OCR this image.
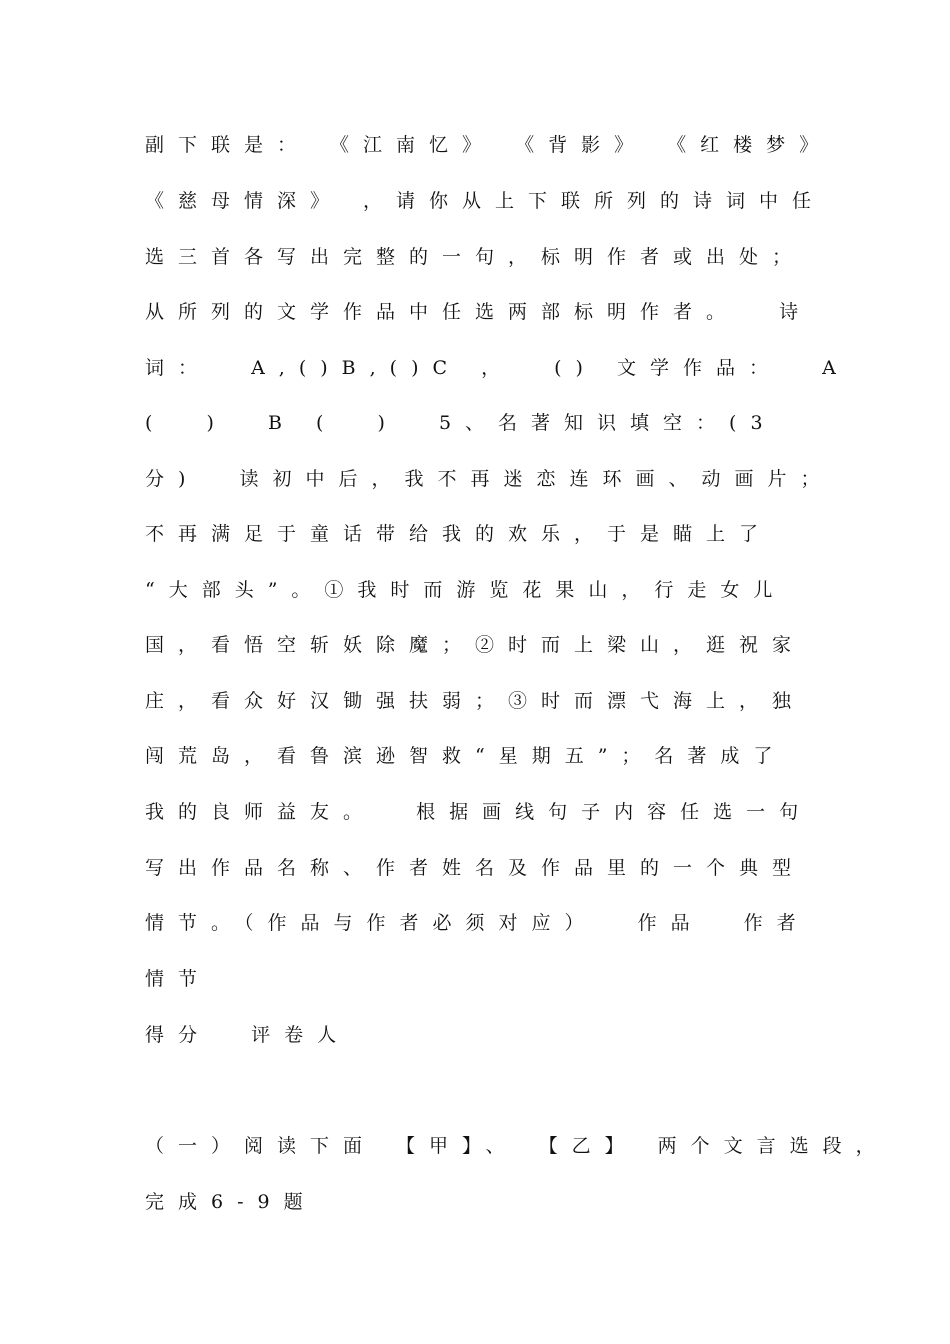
副下联是： 《江南忆》 《背影》 《红楼梦》
《慈母情深》 ，请你从上下联所列的诗词中任
选三首各写出完整的一句，标明作者或出处；
从所列的文学作品中任选两部标明作者。  诗
词：  A,()B,()C ，  () 文学作品：  A
(  )  B (  )  5、名著知识填空：(3
分)  读初中后，我不再迷恋连环画、动画片；
不再满足于童话带给我的欢乐，于是瞄上了
“大部头”。①我时而游览花果山，行走女儿
国，看悟空斩妖除魔；②时而上梁山，逛祝家
庄，看众好汉锄强扶弱；③时而漂弋海上，独
闯荒岛，看鲁滨逊智救“星期五”；名著成了
我的良师益友。  根据画线句子内容任选一句
写出作品名称、作者姓名及作品里的一个典型
情节。（作品与作者必须对应）  作品  作者
情节
得分  评卷人
（一）阅读下面 【甲】、 【乙】 两个文言选段，
完成6-9题
